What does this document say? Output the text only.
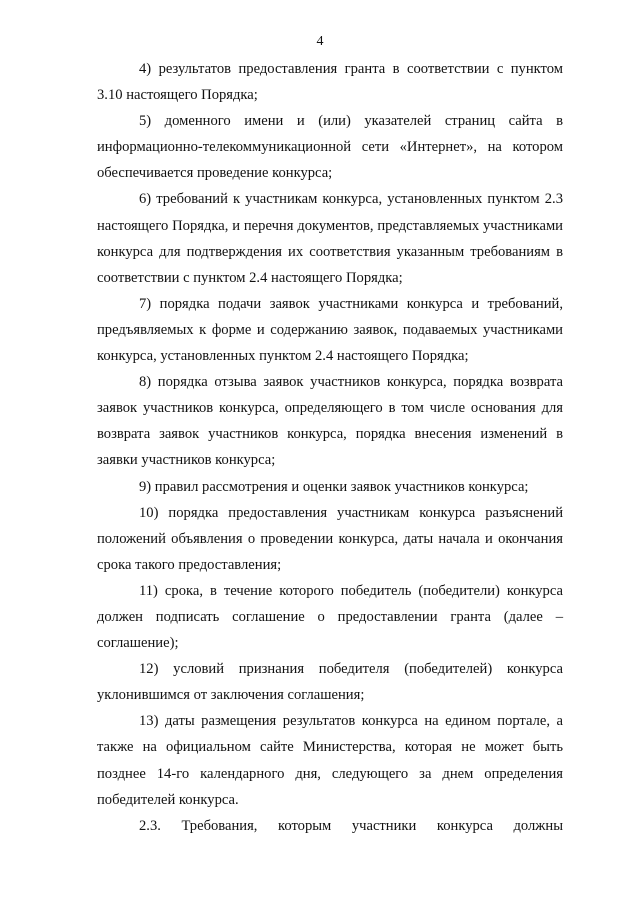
4

4) результатов предоставления гранта в соответствии с пунктом 3.10 настоящего Порядка;

5) доменного имени и (или) указателей страниц сайта в информационно-телекоммуникационной сети «Интернет», на котором обеспечивается проведение конкурса;

6) требований к участникам конкурса, установленных пунктом 2.3 настоящего Порядка, и перечня документов, представляемых участниками конкурса для подтверждения их соответствия указанным требованиям в соответствии с пунктом 2.4 настоящего Порядка;

7) порядка подачи заявок участниками конкурса и требований, предъявляемых к форме и содержанию заявок, подаваемых участниками конкурса, установленных пунктом 2.4 настоящего Порядка;

8) порядка отзыва заявок участников конкурса, порядка возврата заявок участников конкурса, определяющего в том числе основания для возврата заявок участников конкурса, порядка внесения изменений в заявки участников конкурса;

9) правил рассмотрения и оценки заявок участников конкурса;

10) порядка предоставления участникам конкурса разъяснений положений объявления о проведении конкурса, даты начала и окончания срока такого предоставления;

11) срока, в течение которого победитель (победители) конкурса должен подписать соглашение о предоставлении гранта (далее – соглашение);

12) условий признания победителя (победителей) конкурса уклонившимся от заключения соглашения;

13) даты размещения результатов конкурса на едином портале, а также на официальном сайте Министерства, которая не может быть позднее 14-го календарного дня, следующего за днем определения победителей конкурса.

2.3. Требования, которым участники конкурса должны
